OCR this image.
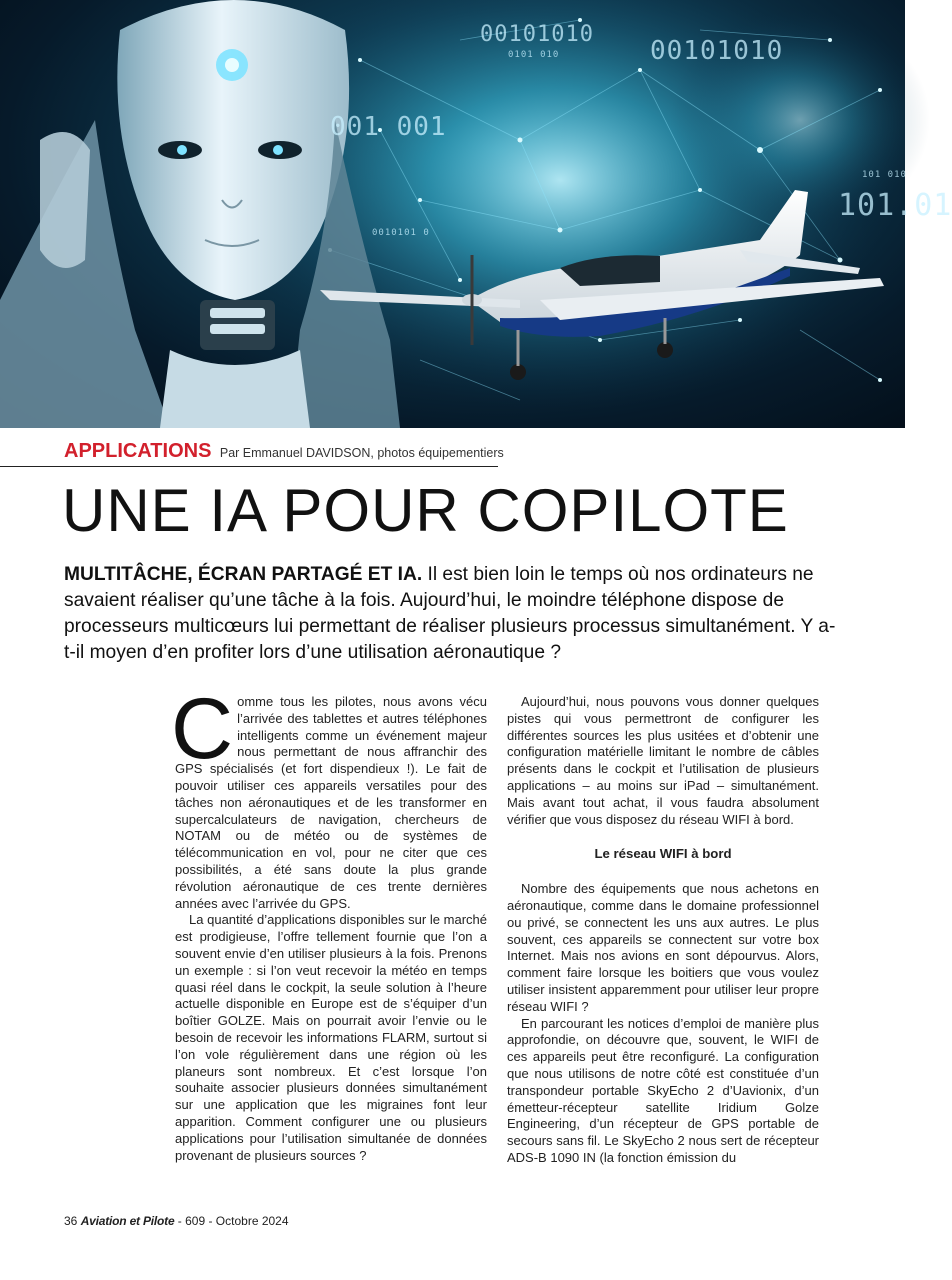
00101010
0101 010	00101010
001 001
0010101 0
101 010
101.01
APPLICATIONS Par Emmanuel DAVIDSON, photos équipementiers
UNE IA POUR COPILOTE

MULTITÂCHE, ÉCRAN PARTAGÉ ET IA. Il est bien loin le temps où nos ordinateurs ne savaient réaliser qu’une tâche à la fois. Aujourd’hui, le moindre téléphone dispose de processeurs multicœurs lui permettant de réaliser plusieurs processus simultanément. Y a-t-il moyen d’en profiter lors d’une utilisation aéronautique ?

Comme tous les pilotes, nous avons vécu l’arrivée des tablettes et autres téléphones intelligents comme un événement majeur nous permettant de nous affranchir des GPS spécialisés (et fort dispendieux !). Le fait de pouvoir utiliser ces appareils versatiles pour des tâches non aéronautiques et de les transformer en supercalculateurs de navigation, chercheurs de NOTAM ou de météo ou de systèmes de télécommunication en vol, pour ne citer que ces possibilités, a été sans doute la plus grande révolution aéronautique de ces trente dernières années avec l’arrivée du GPS.

La quantité d’applications disponibles sur le marché est prodigieuse, l’offre tellement fournie que l’on a souvent envie d’en utiliser plusieurs à la fois. Prenons un exemple : si l’on veut recevoir la météo en temps quasi réel dans le cockpit, la seule solution à l’heure actuelle disponible en Europe est de s’équiper d’un boîtier GOLZE. Mais on pourrait avoir l’envie ou le besoin de recevoir les informations FLARM, surtout si l’on vole régulièrement dans une région où les planeurs sont nombreux. Et c’est lorsque l’on souhaite associer plusieurs données simultanément sur une application que les migraines font leur apparition. Comment configurer une ou plusieurs applications pour l’utilisation simultanée de données provenant de plusieurs sources ?

Aujourd’hui, nous pouvons vous donner quelques pistes qui vous permettront de configurer les différentes sources les plus usitées et d’obtenir une configuration matérielle limitant le nombre de câbles présents dans le cockpit et l’utilisation de plusieurs applications – au moins sur iPad – simultanément. Mais avant tout achat, il vous faudra absolument vérifier que vous disposez du réseau WIFI à bord.

Le réseau WIFI à bord

Nombre des équipements que nous achetons en aéronautique, comme dans le domaine professionnel ou privé, se connectent les uns aux autres. Le plus souvent, ces appareils se connectent sur votre box Internet. Mais nos avions en sont dépourvus. Alors, comment faire lorsque les boitiers que vous voulez utiliser insistent apparemment pour utiliser leur propre réseau WIFI ?

En parcourant les notices d’emploi de manière plus approfondie, on découvre que, souvent, le WIFI de ces appareils peut être reconfiguré. La configuration que nous utilisons de notre côté est constituée d’un transpondeur portable SkyEcho 2 d’Uavionix, d’un émetteur-récepteur satellite Iridium Golze Engineering, d’un récepteur de GPS portable de secours sans fil. Le SkyEcho 2 nous sert de récepteur ADS-B 1090 IN (la fonction émission du

36 Aviation et Pilote - 609 - Octobre 2024
